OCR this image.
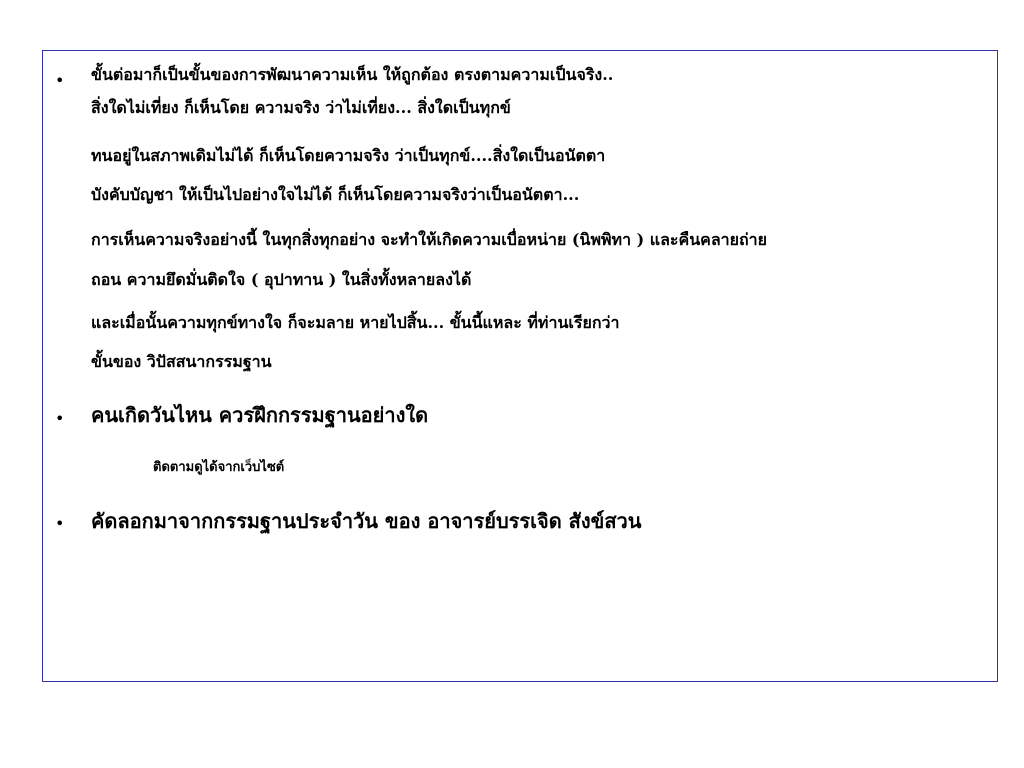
• ขั้นต่อมาก็เป็นขั้นของการพัฒนาความเห็น ให้ถูกต้อง ตรงตามความเป็นจริง..
สิ่งใดไม่เที่ยง ก็เห็นโดย ความจริง ว่าไม่เที่ยง... สิ่งใดเป็นทุกข์
ทนอยู่ในสภาพเดิมไม่ได้ ก็เห็นโดยความจริง ว่าเป็นทุกข์....สิ่งใดเป็นอนัตตา
บังคับบัญชา ให้เป็นไปอย่างใจไม่ได้ ก็เห็นโดยความจริงว่าเป็นอนัตตา...
การเห็นความจริงอย่างนี้ ในทุกสิ่งทุกอย่าง จะทำให้เกิดความเบื่อหน่าย (นิพพิทา ) และคืนคลายถ่าย
ถอน ความยึดมั่นติดใจ ( อุปาทาน ) ในสิ่งทั้งหลายลงได้
และเมื่อนั้นความทุกข์ทางใจ ก็จะมลาย หายไปสิ้น... ขั้นนี้แหละ ที่ท่านเรียกว่า
ขั้นของ วิปัสสนากรรมฐาน
• คนเกิดวันไหน ควรฝึกกรรมฐานอย่างใด
ติดตามดูได้จากเว็บไซต์
• คัดลอกมาจากกรรมฐานประจำวัน ของ อาจารย์บรรเจิด สังข์สวน
